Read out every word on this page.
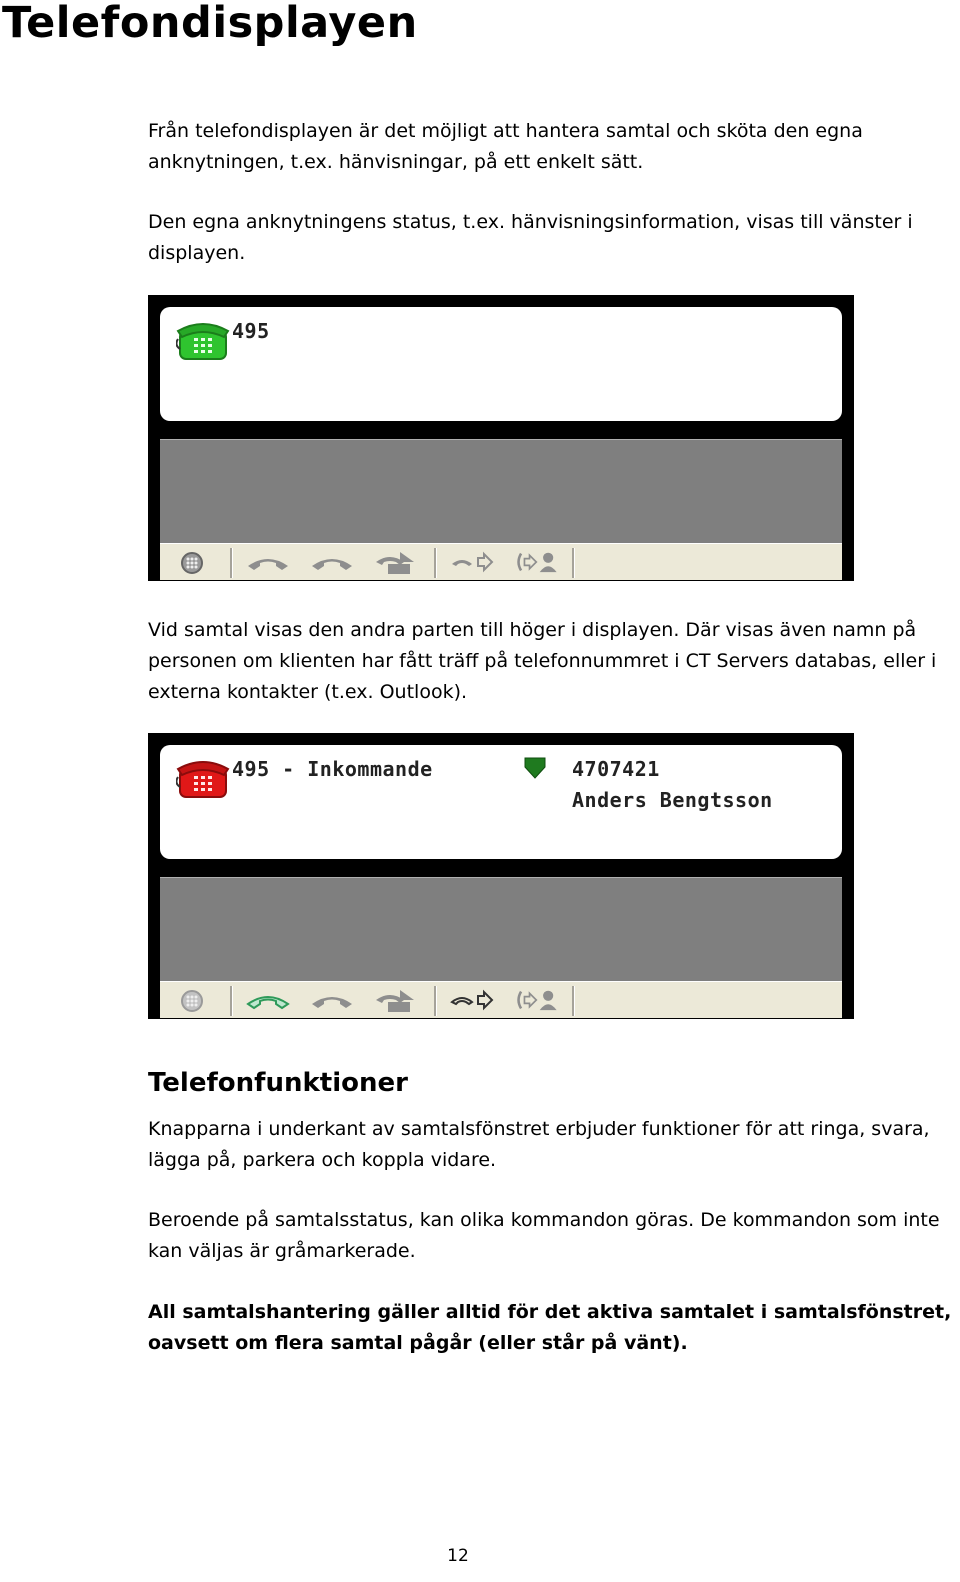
Telefondisplayen

Från telefondisplayen är det möjligt att hantera samtal och sköta den egna anknytningen, t.ex. hänvisningar, på ett enkelt sätt.

Den egna anknytningens status, t.ex. hänvisningsinformation, visas till vänster i displayen.

495

Vid samtal visas den andra parten till höger i displayen. Där visas även namn på personen om klienten har fått träff på telefonnummret i CT Servers databas, eller i externa kontakter (t.ex. Outlook).

495 - Inkommande	4707421
Anders Bengtsson
Telefonfunktioner

Knapparna i underkant av samtalsfönstret erbjuder funktioner för att ringa, svara, lägga på, parkera och koppla vidare.

Beroende på samtalsstatus, kan olika kommandon göras. De kommandon som inte kan väljas är gråmarkerade.

All samtalshantering gäller alltid för det aktiva samtalet i samtalsfönstret, oavsett om flera samtal pågår (eller står på vänt).

12
